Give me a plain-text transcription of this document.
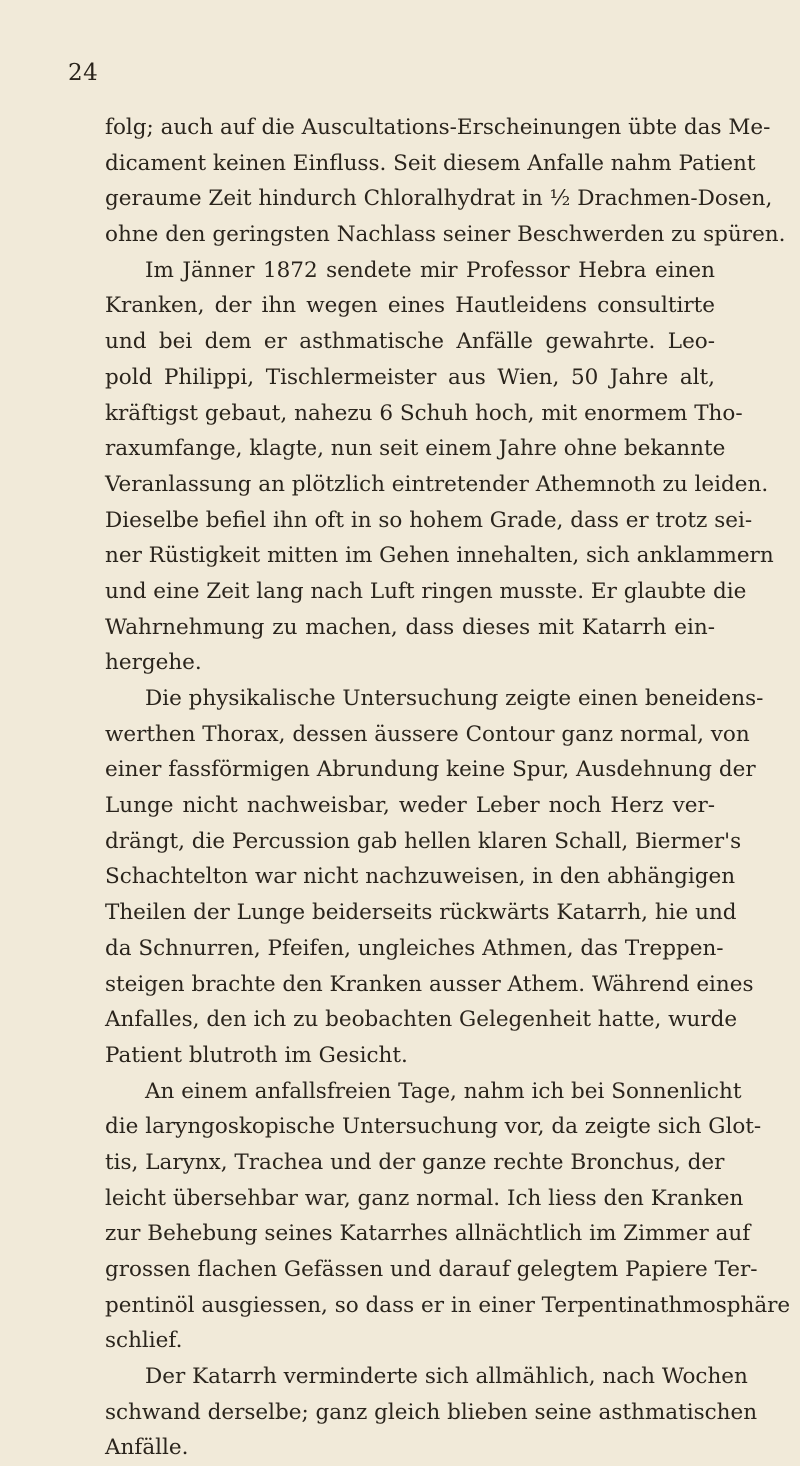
24
folg; auch auf die Auscultations-Erscheinungen übte das Me-
dicament keinen Einfluss. Seit diesem Anfalle nahm Patient
geraume Zeit hindurch Chloralhydrat in ½ Drachmen-Dosen,
ohne den geringsten Nachlass seiner Beschwerden zu spüren.
Im Jänner 1872 sendete mir Professor Hebra einen
Kranken, der ihn wegen eines Hautleidens consultirte
und bei dem er asthmatische Anfälle gewahrte. Leo-
pold Philippi, Tischlermeister aus Wien, 50 Jahre alt,
kräftigst gebaut, nahezu 6 Schuh hoch, mit enormem Tho-
raxumfange, klagte, nun seit einem Jahre ohne bekannte
Veranlassung an plötzlich eintretender Athemnoth zu leiden.
Dieselbe befiel ihn oft in so hohem Grade, dass er trotz sei-
ner Rüstigkeit mitten im Gehen innehalten, sich anklammern
und eine Zeit lang nach Luft ringen musste. Er glaubte die
Wahrnehmung zu machen, dass dieses mit Katarrh ein-
hergehe.
Die physikalische Untersuchung zeigte einen beneidens-
werthen Thorax, dessen äussere Contour ganz normal, von
einer fassförmigen Abrundung keine Spur, Ausdehnung der
Lunge nicht nachweisbar, weder Leber noch Herz ver-
drängt, die Percussion gab hellen klaren Schall, Biermer's
Schachtelton war nicht nachzuweisen, in den abhängigen
Theilen der Lunge beiderseits rückwärts Katarrh, hie und
da Schnurren, Pfeifen, ungleiches Athmen, das Treppen-
steigen brachte den Kranken ausser Athem. Während eines
Anfalles, den ich zu beobachten Gelegenheit hatte, wurde
Patient blutroth im Gesicht.
An einem anfallsfreien Tage, nahm ich bei Sonnenlicht
die laryngoskopische Untersuchung vor, da zeigte sich Glot-
tis, Larynx, Trachea und der ganze rechte Bronchus, der
leicht übersehbar war, ganz normal. Ich liess den Kranken
zur Behebung seines Katarrhes allnächtlich im Zimmer auf
grossen flachen Gefässen und darauf gelegtem Papiere Ter-
pentinöl ausgiessen, so dass er in einer Terpentinathmosphäre
schlief.
Der Katarrh verminderte sich allmählich, nach Wochen
schwand derselbe; ganz gleich blieben seine asthmatischen
Anfälle.
